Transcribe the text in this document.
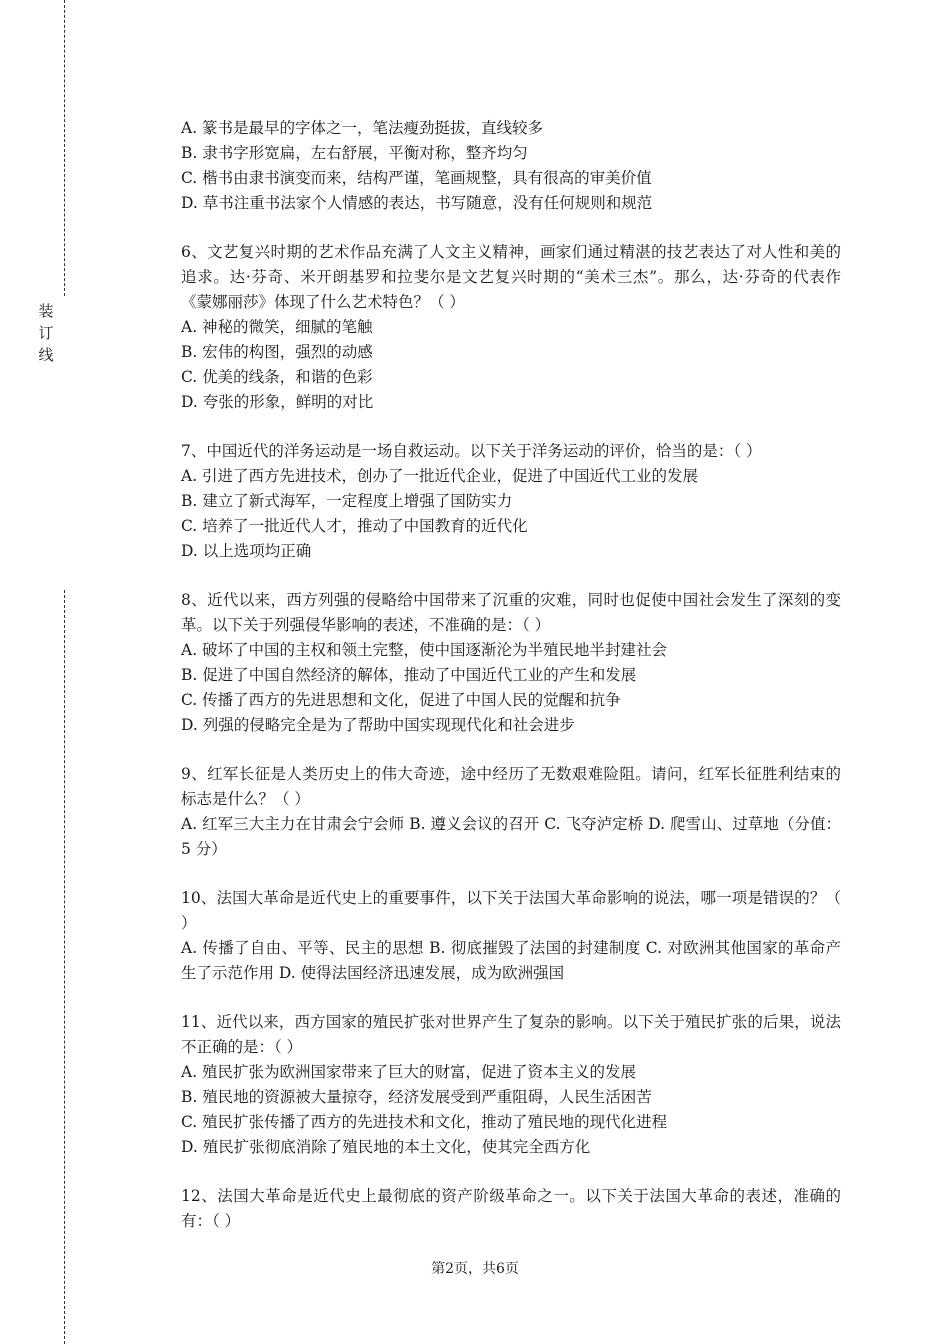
装订线

A. 篆书是最早的字体之一，笔法瘦劲挺拔，直线较多

B. 隶书字形宽扁，左右舒展，平衡对称，整齐均匀

C. 楷书由隶书演变而来，结构严谨，笔画规整，具有很高的审美价值

D. 草书注重书法家个人情感的表达，书写随意，没有任何规则和规范

6、文艺复兴时期的艺术作品充满了人文主义精神，画家们通过精湛的技艺表达了对人性和美的追求。达·芬奇、米开朗基罗和拉斐尔是文艺复兴时期的“美术三杰”。那么，达·芬奇的代表作《蒙娜丽莎》体现了什么艺术特色？（ ）

A. 神秘的微笑，细腻的笔触

B. 宏伟的构图，强烈的动感

C. 优美的线条，和谐的色彩

D. 夸张的形象，鲜明的对比

7、中国近代的洋务运动是一场自救运动。以下关于洋务运动的评价，恰当的是：（ ）

A. 引进了西方先进技术，创办了一批近代企业，促进了中国近代工业的发展

B. 建立了新式海军，一定程度上增强了国防实力

C. 培养了一批近代人才，推动了中国教育的近代化

D. 以上选项均正确

8、近代以来，西方列强的侵略给中国带来了沉重的灾难，同时也促使中国社会发生了深刻的变革。以下关于列强侵华影响的表述，不准确的是：（ ）

A. 破坏了中国的主权和领土完整，使中国逐渐沦为半殖民地半封建社会

B. 促进了中国自然经济的解体，推动了中国近代工业的产生和发展

C. 传播了西方的先进思想和文化，促进了中国人民的觉醒和抗争

D. 列强的侵略完全是为了帮助中国实现现代化和社会进步

9、红军长征是人类历史上的伟大奇迹，途中经历了无数艰难险阻。请问，红军长征胜利结束的标志是什么？（ ）

A. 红军三大主力在甘肃会宁会师 B. 遵义会议的召开 C. 飞夺泸定桥 D. 爬雪山、过草地（分值：5 分）

10、法国大革命是近代史上的重要事件，以下关于法国大革命影响的说法，哪一项是错误的？（ ）

A. 传播了自由、平等、民主的思想 B. 彻底摧毁了法国的封建制度 C. 对欧洲其他国家的革命产生了示范作用 D. 使得法国经济迅速发展，成为欧洲强国

11、近代以来，西方国家的殖民扩张对世界产生了复杂的影响。以下关于殖民扩张的后果，说法不正确的是：（ ）

A. 殖民扩张为欧洲国家带来了巨大的财富，促进了资本主义的发展

B. 殖民地的资源被大量掠夺，经济发展受到严重阻碍，人民生活困苦

C. 殖民扩张传播了西方的先进技术和文化，推动了殖民地的现代化进程

D. 殖民扩张彻底消除了殖民地的本土文化，使其完全西方化

12、法国大革命是近代史上最彻底的资产阶级革命之一。以下关于法国大革命的表述，准确的有：（ ）

第2页，共6页
